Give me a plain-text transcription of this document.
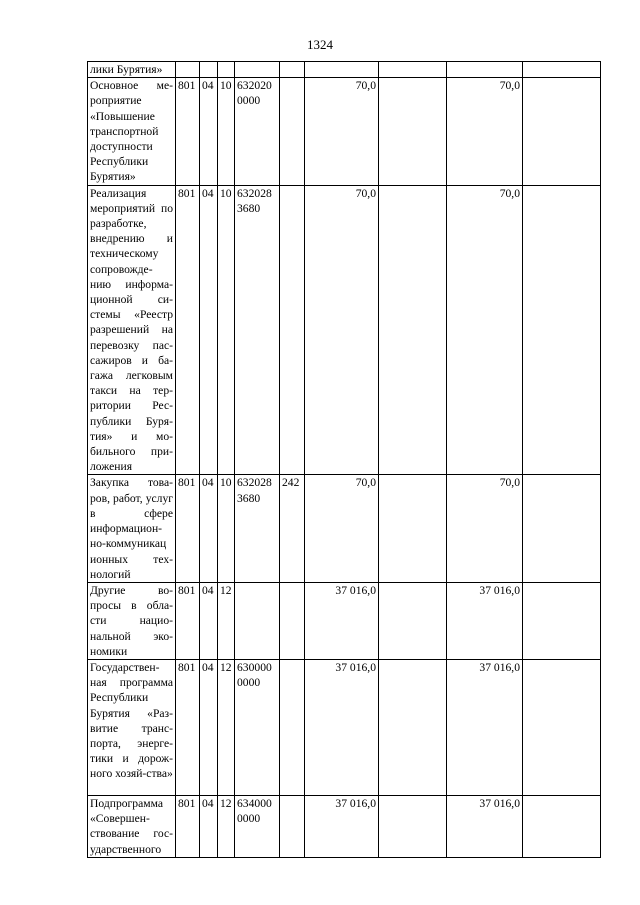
1324
лики Бурятия»									
Основное ме-роприятие «Повышение транспортной доступности Республики Бурятия»	801	04	10	632020 0000		70,0		70,0	
Реализация мероприятий по разработке, внедрению и техническому сопровожде-нию информа-ционной си-стемы «Реестр разрешений на перевозку пас-сажиров и ба-гажа легковым такси на тер-ритории Рес-публики Буря-тия» и мо-бильного при-ложения	801	04	10	632028 3680		70,0		70,0	
Закупка това-ров, работ, услуг в сфере информацион-но-коммуникац ионных тех-нологий	801	04	10	632028 3680	242	70,0		70,0	
Другие во-просы в обла-сти нацио-нальной эко-номики	801	04	12			37 016,0		37 016,0	
Государствен-ная программа Республики Бурятия «Раз-витие транс-порта, энерге-тики и дорож-ного хозяй-ства»	801	04	12	630000 0000		37 016,0		37 016,0	
Подпрограмма «Совершен-ствование гос-ударственного	801	04	12	634000 0000		37 016,0		37 016,0	
